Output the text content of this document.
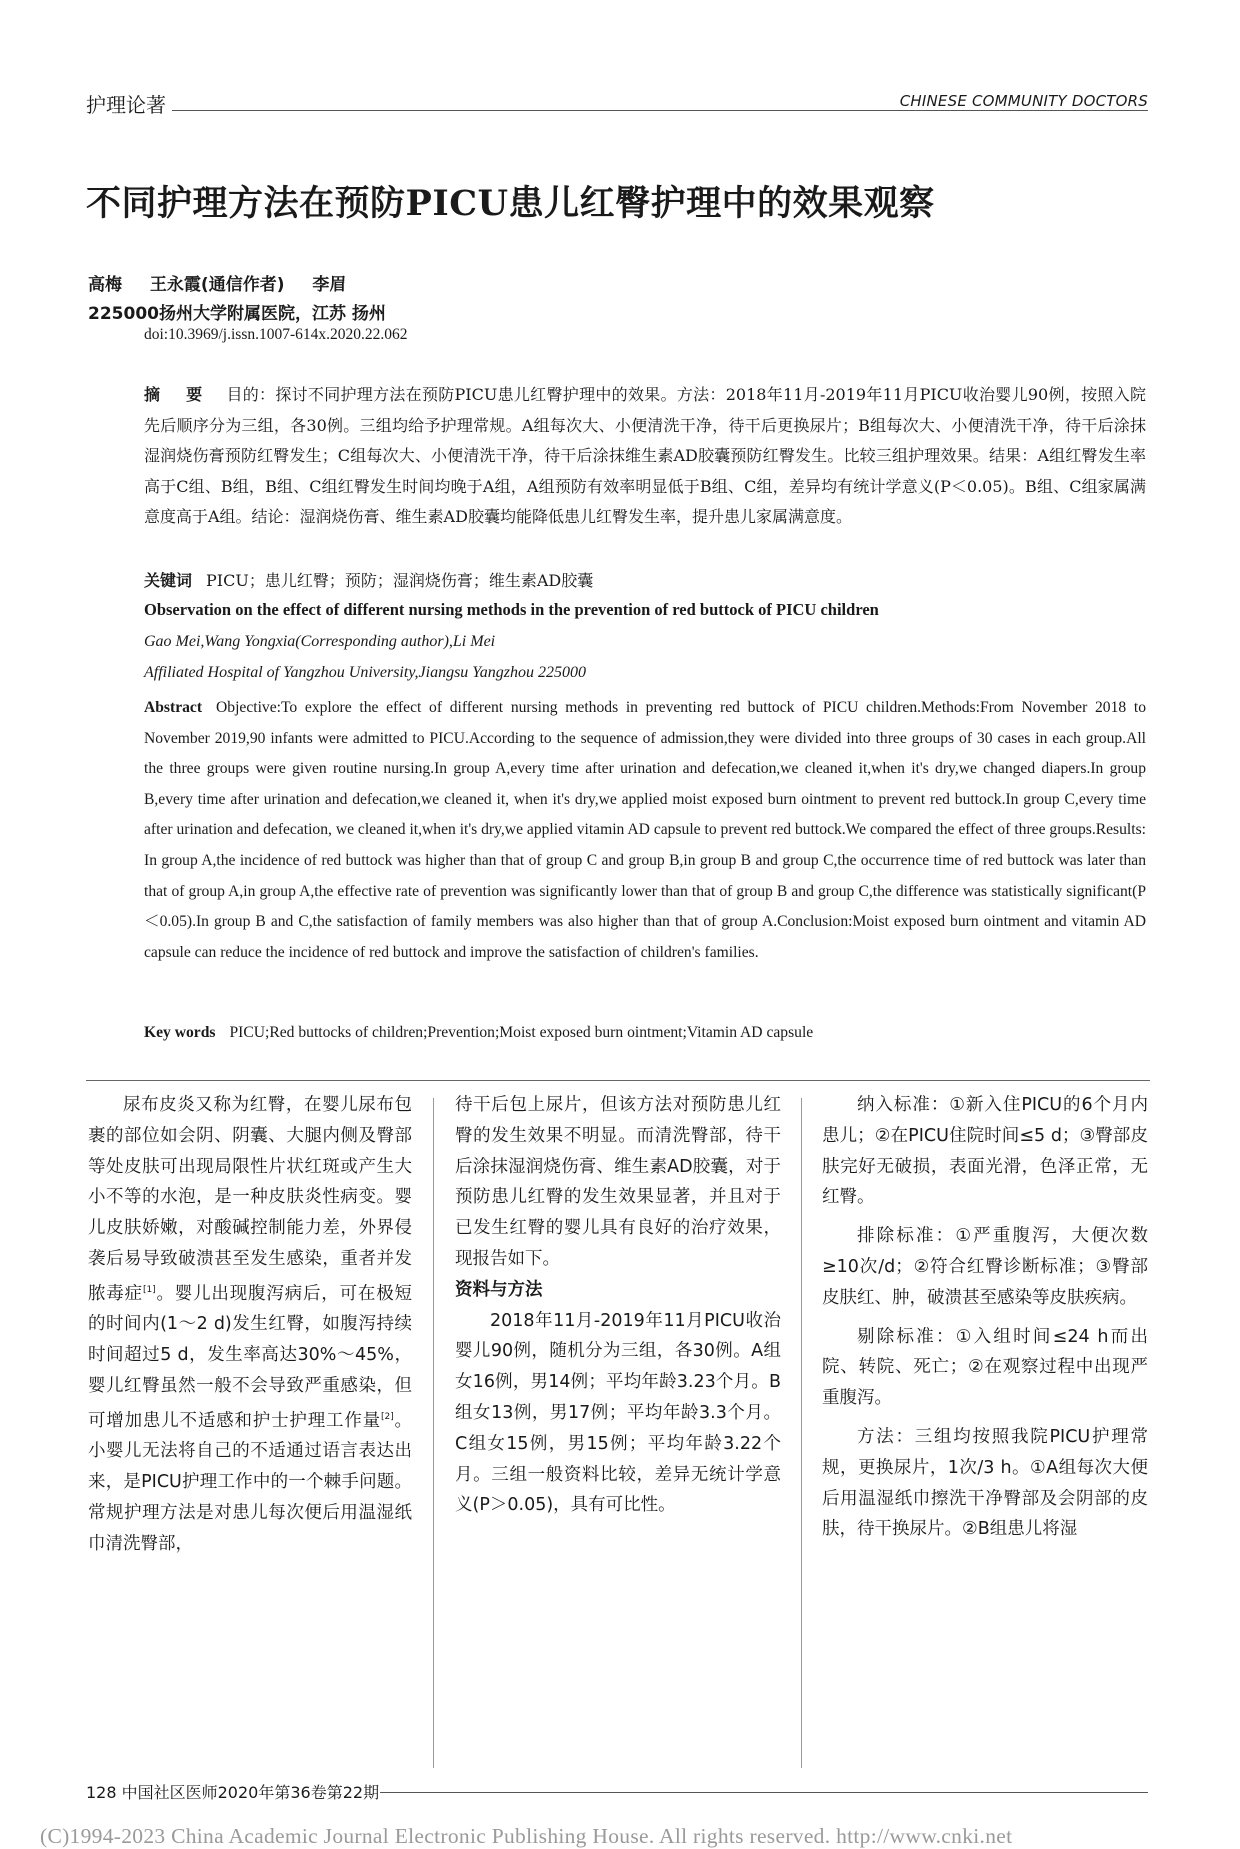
护理论著	CHINESE COMMUNITY DOCTORS
不同护理方法在预防PICU患儿红臀护理中的效果观察
高梅 王永霞(通信作者) 李眉
225000扬州大学附属医院，江苏 扬州
doi:10.3969/j.issn.1007-614x.2020.22.062
摘 要 目的：探讨不同护理方法在预防PICU患儿红臀护理中的效果。方法：2018年11月-2019年11月PICU收治婴儿90例，按照入院先后顺序分为三组，各30例。三组均给予护理常规。A组每次大、小便清洗干净，待干后更换尿片；B组每次大、小便清洗干净，待干后涂抹湿润烧伤膏预防红臀发生；C组每次大、小便清洗干净，待干后涂抹维生素AD胶囊预防红臀发生。比较三组护理效果。结果：A组红臀发生率高于C组、B组，B组、C组红臀发生时间均晚于A组，A组预防有效率明显低于B组、C组，差异均有统计学意义(P＜0.05)。B组、C组家属满意度高于A组。结论：湿润烧伤膏、维生素AD胶囊均能降低患儿红臀发生率，提升患儿家属满意度。
关键词 PICU；患儿红臀；预防；湿润烧伤膏；维生素AD胶囊
Observation on the effect of different nursing methods in the prevention of red buttock of PICU children
Gao Mei,Wang Yongxia(Corresponding author),Li Mei
Affiliated Hospital of Yangzhou University,Jiangsu Yangzhou 225000
Abstract Objective:To explore the effect of different nursing methods in preventing red buttock of PICU children.Methods:From November 2018 to November 2019,90 infants were admitted to PICU.According to the sequence of admission,they were divided into three groups of 30 cases in each group.All the three groups were given routine nursing.In group A,every time after urination and defecation,we cleaned it,when it's dry,we changed diapers.In group B,every time after urination and defecation,we cleaned it, when it's dry,we applied moist exposed burn ointment to prevent red buttock.In group C,every time after urination and defecation, we cleaned it,when it's dry,we applied vitamin AD capsule to prevent red buttock.We compared the effect of three groups.Results: In group A,the incidence of red buttock was higher than that of group C and group B,in group B and group C,the occurrence time of red buttock was later than that of group A,in group A,the effective rate of prevention was significantly lower than that of group B and group C,the difference was statistically significant(P＜0.05).In group B and C,the satisfaction of family members was also higher than that of group A.Conclusion:Moist exposed burn ointment and vitamin AD capsule can reduce the incidence of red buttock and improve the satisfaction of children's families.
Key words PICU;Red buttocks of children;Prevention;Moist exposed burn ointment;Vitamin AD capsule

尿布皮炎又称为红臀，在婴儿尿布包裹的部位如会阴、阴囊、大腿内侧及臀部等处皮肤可出现局限性片状红斑或产生大小不等的水泡，是一种皮肤炎性病变。婴儿皮肤娇嫩，对酸碱控制能力差，外界侵袭后易导致破溃甚至发生感染，重者并发脓毒症[1]。婴儿出现腹泻病后，可在极短的时间内(1～2 d)发生红臀，如腹泻持续时间超过5 d，发生率高达30%～45%，婴儿红臀虽然一般不会导致严重感染，但可增加患儿不适感和护士护理工作量[2]。小婴儿无法将自己的不适通过语言表达出来，是PICU护理工作中的一个棘手问题。常规护理方法是对患儿每次便后用温湿纸巾清洗臀部，

待干后包上尿片，但该方法对预防患儿红臀的发生效果不明显。而清洗臀部，待干后涂抹湿润烧伤膏、维生素AD胶囊，对于预防患儿红臀的发生效果显著，并且对于已发生红臀的婴儿具有良好的治疗效果，现报告如下。

资料与方法

2018年11月-2019年11月PICU收治婴儿90例，随机分为三组，各30例。A组女16例，男14例；平均年龄3.23个月。B组女13例，男17例；平均年龄3.3个月。C组女15例，男15例；平均年龄3.22个月。三组一般资料比较，差异无统计学意义(P＞0.05)，具有可比性。

纳入标准：①新入住PICU的6个月内患儿；②在PICU住院时间≤5 d；③臀部皮肤完好无破损，表面光滑，色泽正常，无红臀。

排除标准：①严重腹泻，大便次数≥10次/d；②符合红臀诊断标准；③臀部皮肤红、肿，破溃甚至感染等皮肤疾病。

剔除标准：①入组时间≤24 h而出院、转院、死亡；②在观察过程中出现严重腹泻。

方法：三组均按照我院PICU护理常规，更换尿片，1次/3 h。①A组每次大便后用温湿纸巾擦洗干净臀部及会阴部的皮肤，待干换尿片。②B组患儿将湿

128 中国社区医师2020年第36卷第22期
(C)1994-2023 China Academic Journal Electronic Publishing House. All rights reserved. http://www.cnki.net
